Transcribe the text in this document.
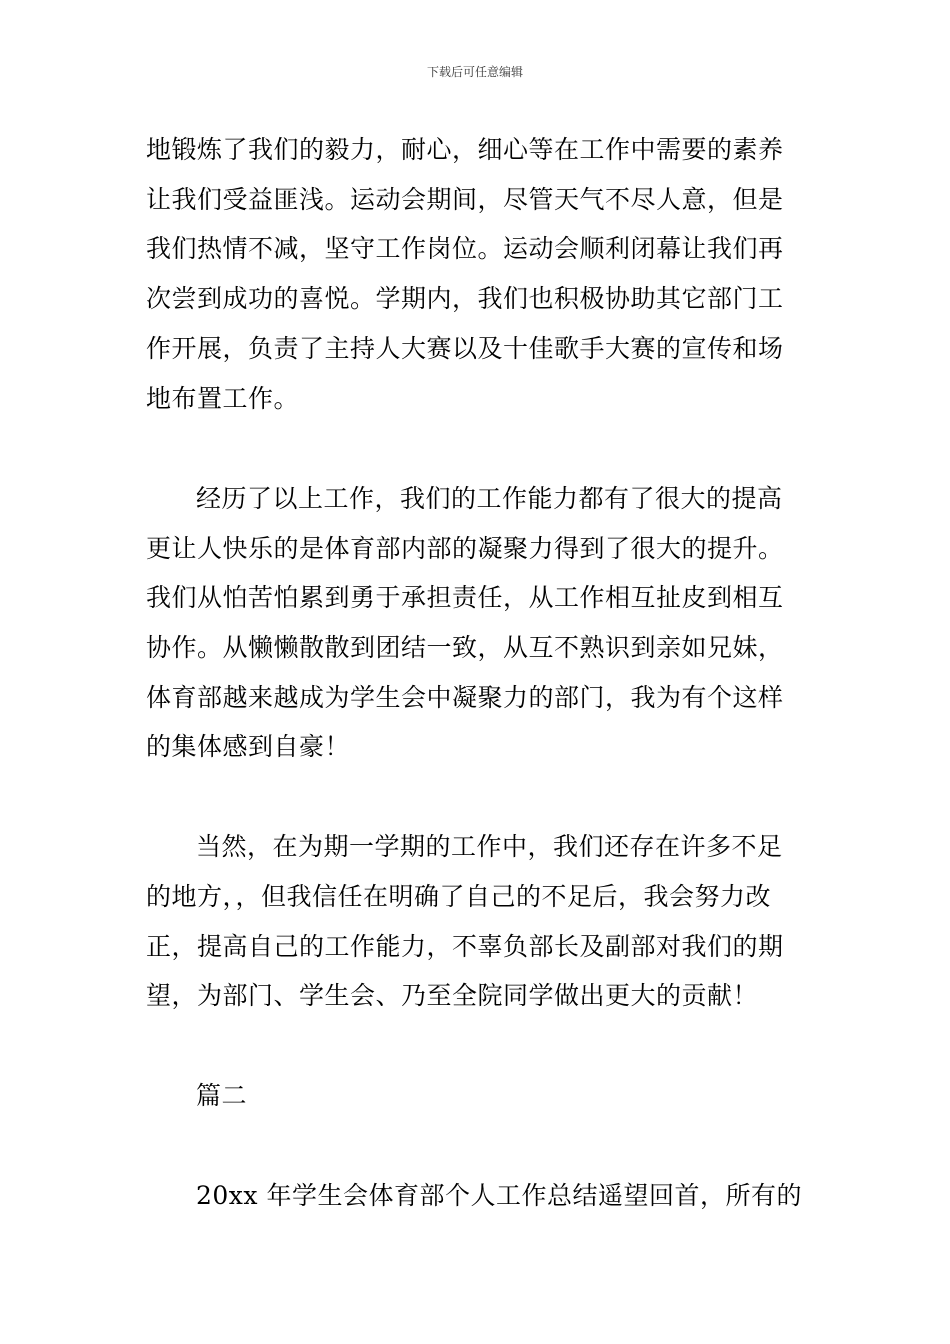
下载后可任意编辑
地锻炼了我们的毅力，耐心，细心等在工作中需要的素养
让我们受益匪浅。运动会期间，尽管天气不尽人意，但是
我们热情不减，坚守工作岗位。运动会顺利闭幕让我们再
次尝到成功的喜悦。学期内，我们也积极协助其它部门工
作开展，负责了主持人大赛以及十佳歌手大赛的宣传和场
地布置工作。
经历了以上工作，我们的工作能力都有了很大的提高
更让人快乐的是体育部内部的凝聚力得到了很大的提升。
我们从怕苦怕累到勇于承担责任，从工作相互扯皮到相互
协作。从懒懒散散到团结一致，从互不熟识到亲如兄妹，
体育部越来越成为学生会中凝聚力的部门，我为有个这样
的集体感到自豪！
当然，在为期一学期的工作中，我们还存在许多不足
的地方，，但我信任在明确了自己的不足后，我会努力改
正，提高自己的工作能力，不辜负部长及副部对我们的期
望，为部门、学生会、乃至全院同学做出更大的贡献！
篇二
20xx 年学生会体育部个人工作总结遥望回首，所有的
